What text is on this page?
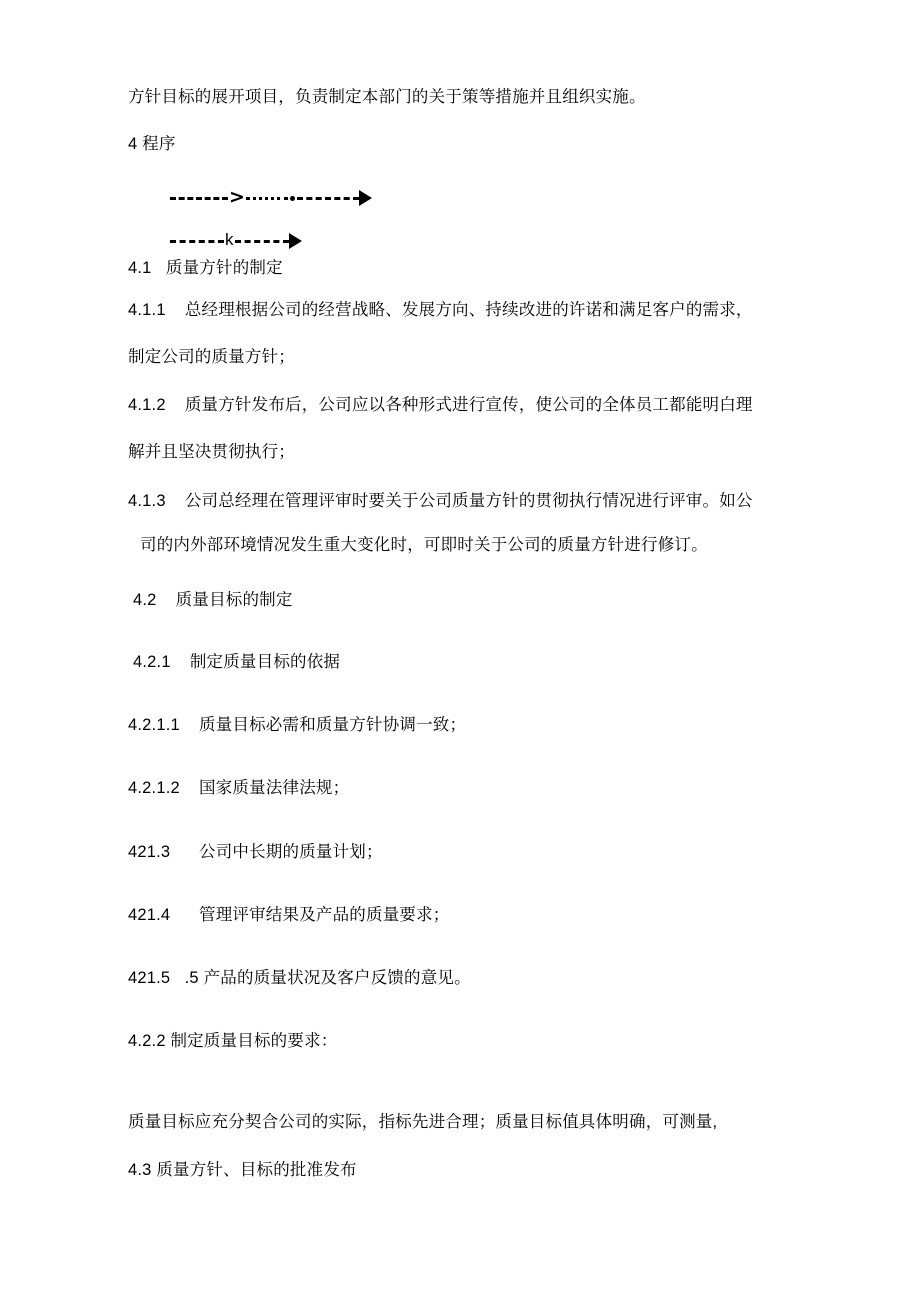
方针目标的展开项目，负责制定本部门的关于策等措施并且组织实施。
4 程序
>
k
4.1   质量方针的制定
4.1.1    总经理根据公司的经营战略、发展方向、持续改进的许诺和满足客户的需求，
制定公司的质量方针；
4.1.2    质量方针发布后，公司应以各种形式进行宣传，使公司的全体员工都能明白理
解并且坚决贯彻执行；
4.1.3    公司总经理在管理评审时要关于公司质量方针的贯彻执行情况进行评审。如公
司的内外部环境情况发生重大变化时，可即时关于公司的质量方针进行修订。
4.2    质量目标的制定
4.2.1    制定质量目标的依据
4.2.1.1    质量目标必需和质量方针协调一致；
4.2.1.2    国家质量法律法规；
421.3      公司中长期的质量计划；
421.4      管理评审结果及产品的质量要求；
421.5   .5 产品的质量状况及客户反馈的意见。
4.2.2 制定质量目标的要求：
质量目标应充分契合公司的实际，指标先进合理；质量目标值具体明确，可测量,
4.3 质量方针、目标的批准发布
